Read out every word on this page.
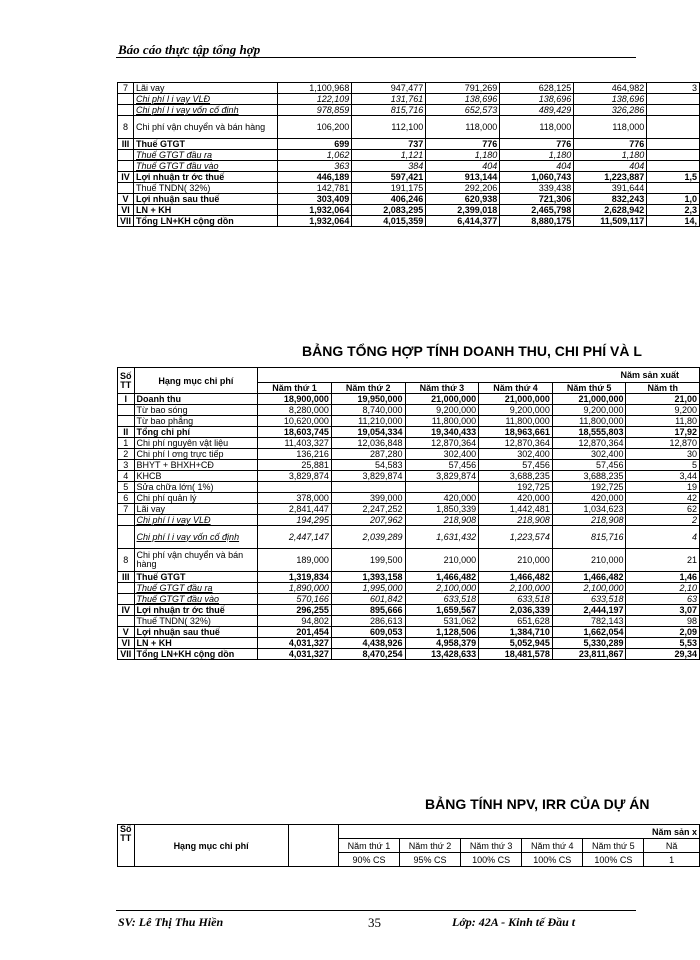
Báo cáo thực tập tổng hợp
7	Lãi vay	1,100,968	947,477	791,269	628,125	464,982	3
	Chi phí l i vay VLĐ	122,109	131,761	138,696	138,696	138,696	
	Chi phí l i vay vốn cố định	978,859	815,716	652,573	489,429	326,286	
8	Chi phí vận chuyển và bán hàng	106,200	112,100	118,000	118,000	118,000	
III	Thuế GTGT	699	737	776	776	776	
	Thuế GTGT đầu ra	1,062	1,121	1,180	1,180	1,180	
	Thuế GTGT đầu vào	363	384	404	404	404	
IV	Lợi nhuận tr ớc thuế	446,189	597,421	913,144	1,060,743	1,223,887	1,5
	Thuế TNDN( 32%)	142,781	191,175	292,206	339,438	391,644	
V	Lợi nhuận sau thuế	303,409	406,246	620,938	721,306	832,243	1,0
VI	LN + KH	1,932,064	2,083,295	2,399,018	2,465,798	2,628,942	2,3
VII	Tổng LN+KH cộng dồn	1,932,064	4,015,359	6,414,377	8,880,175	11,509,117	14,
BẢNG TỔNG HỢP TÍNH DOANH THU, CHI PHÍ VÀ L
Số TT	Hạng mục chi phí	Năm sản xuất					
		Năm thứ 1	Năm thứ 2	Năm thứ 3	Năm thứ 4	Năm thứ 5	Năm th
I	Doanh thu	18,900,000	19,950,000	21,000,000	21,000,000	21,000,000	21,00
	Từ bao sóng	8,280,000	8,740,000	9,200,000	9,200,000	9,200,000	9,200
	Từ bao phẳng	10,620,000	11,210,000	11,800,000	11,800,000	11,800,000	11,80
II	Tổng chi phí	18,603,745	19,054,334	19,340,433	18,963,661	18,555,803	17,92
1	Chi phí nguyên vật liệu	11,403,327	12,036,848	12,870,364	12,870,364	12,870,364	12,870
2	Chi phí l ơng trực tiếp	136,216	287,280	302,400	302,400	302,400	30
3	BHYT + BHXH+CĐ	25,881	54,583	57,456	57,456	57,456	5
4	KHCB	3,829,874	3,829,874	3,829,874	3,688,235	3,688,235	3,44
5	Sửa chữa lớn( 1%)				192,725	192,725	19
6	Chi phí quản lý	378,000	399,000	420,000	420,000	420,000	42
7	Lãi vay	2,841,447	2,247,252	1,850,339	1,442,481	1,034,623	62
	Chi phí l i vay VLĐ	194,295	207,962	218,908	218,908	218,908	2
	Chi phí l i vay vốn cố định	2,447,147	2,039,289	1,631,432	1,223,574	815,716	4
8	Chi phí vận chuyển và bán hàng	189,000	199,500	210,000	210,000	210,000	21
III	Thuế GTGT	1,319,834	1,393,158	1,466,482	1,466,482	1,466,482	1,46
	Thuế GTGT đầu ra	1,890,000	1,995,000	2,100,000	2,100,000	2,100,000	2,10
	Thuế GTGT đầu vào	570,166	601,842	633,518	633,518	633,518	63
IV	Lợi nhuận tr ớc thuế	296,255	895,666	1,659,567	2,036,339	2,444,197	3,07
	Thuế TNDN( 32%)	94,802	286,613	531,062	651,628	782,143	98
V	Lợi nhuận sau thuế	201,454	609,053	1,128,506	1,384,710	1,662,054	2,09
VI	LN + KH	4,031,327	4,438,926	4,958,379	5,052,945	5,330,289	5,53
VII	Tổng LN+KH cộng dồn	4,031,327	8,470,254	13,428,633	18,481,578	23,811,867	29,34
BẢNG TÍNH NPV, IRR CỦA DỰ ÁN
Số TT	Hạng mục chi phí		Năm sản x					
			Năm thứ 1	Năm thứ 2	Năm thứ 3	Năm thứ 4	Năm thứ 5	Nă
			90% CS	95% CS	100% CS	100% CS	100% CS	1
SV: Lê Thị Thu Hiền	35	Lớp: 42A - Kinh tế Đầu t
